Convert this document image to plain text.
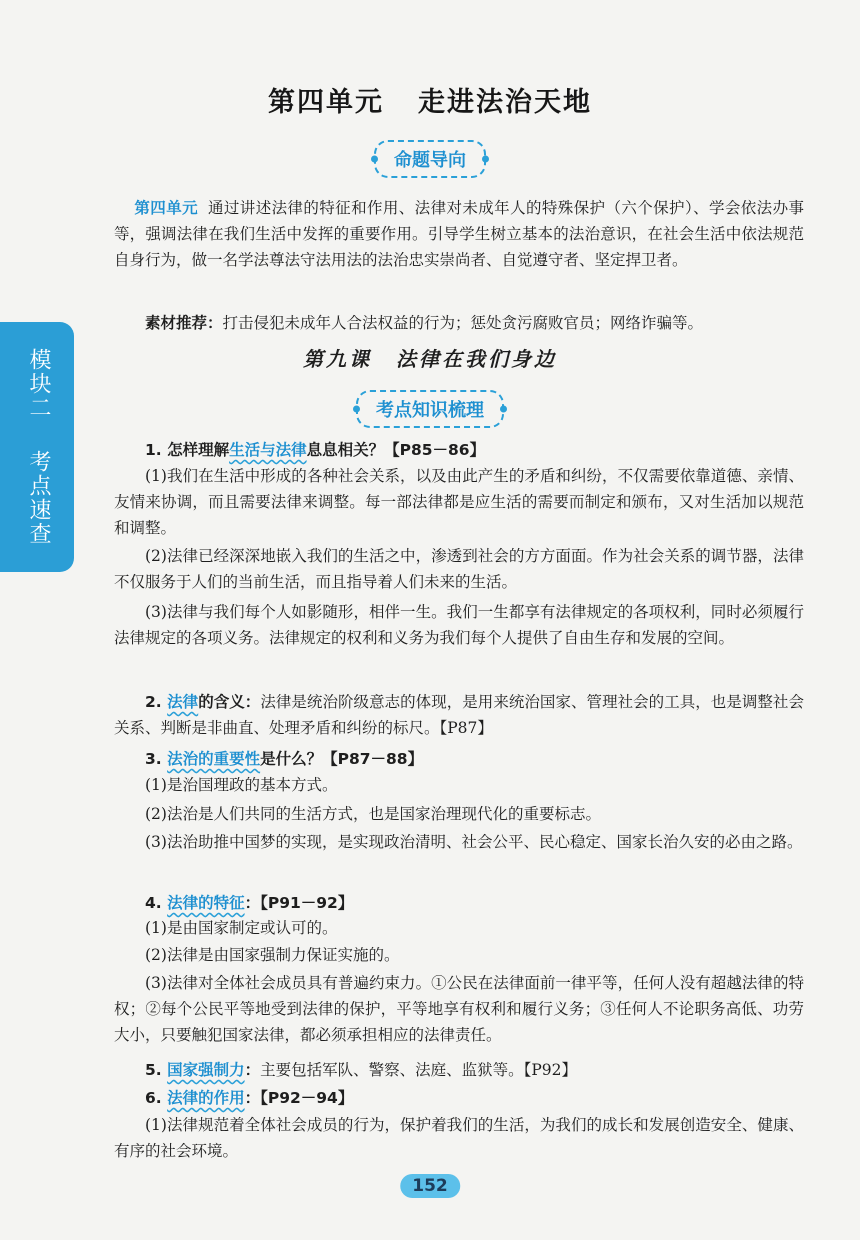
第四单元 走进法治天地
命题导向
第四单元 通过讲述法律的特征和作用、法律对未成年人的特殊保护（六个保护）、学会依法办事等，强调法律在我们生活中发挥的重要作用。引导学生树立基本的法治意识，在社会生活中依法规范自身行为，做一名学法尊法守法用法的法治忠实崇尚者、自觉遵守者、坚定捍卫者。
素材推荐：打击侵犯未成年人合法权益的行为；惩处贪污腐败官员；网络诈骗等。
第九课 法律在我们身边
考点知识梳理
模块二
考点速查	1. 怎样理解生活与法律息息相关？【P85－86】
(1)我们在生活中形成的各种社会关系，以及由此产生的矛盾和纠纷，不仅需要依靠道德、亲情、友情来协调，而且需要法律来调整。每一部法律都是应生活的需要而制定和颁布，又对生活加以规范和调整。
(2)法律已经深深地嵌入我们的生活之中，渗透到社会的方方面面。作为社会关系的调节器，法律不仅服务于人们的当前生活，而且指导着人们未来的生活。
(3)法律与我们每个人如影随形，相伴一生。我们一生都享有法律规定的各项权利，同时必须履行法律规定的各项义务。法律规定的权利和义务为我们每个人提供了自由生存和发展的空间。
2. 法律的含义：法律是统治阶级意志的体现，是用来统治国家、管理社会的工具，也是调整社会关系、判断是非曲直、处理矛盾和纠纷的标尺。【P87】
3. 法治的重要性是什么？【P87－88】
(1)是治国理政的基本方式。
(2)法治是人们共同的生活方式，也是国家治理现代化的重要标志。
(3)法治助推中国梦的实现，是实现政治清明、社会公平、民心稳定、国家长治久安的必由之路。
4. 法律的特征：【P91－92】
(1)是由国家制定或认可的。
(2)法律是由国家强制力保证实施的。
(3)法律对全体社会成员具有普遍约束力。①公民在法律面前一律平等，任何人没有超越法律的特权；②每个公民平等地受到法律的保护，平等地享有权利和履行义务；③任何人不论职务高低、功劳大小，只要触犯国家法律，都必须承担相应的法律责任。
5. 国家强制力：主要包括军队、警察、法庭、监狱等。【P92】
6. 法律的作用：【P92－94】
(1)法律规范着全体社会成员的行为，保护着我们的生活，为我们的成长和发展创造安全、健康、有序的社会环境。
152
